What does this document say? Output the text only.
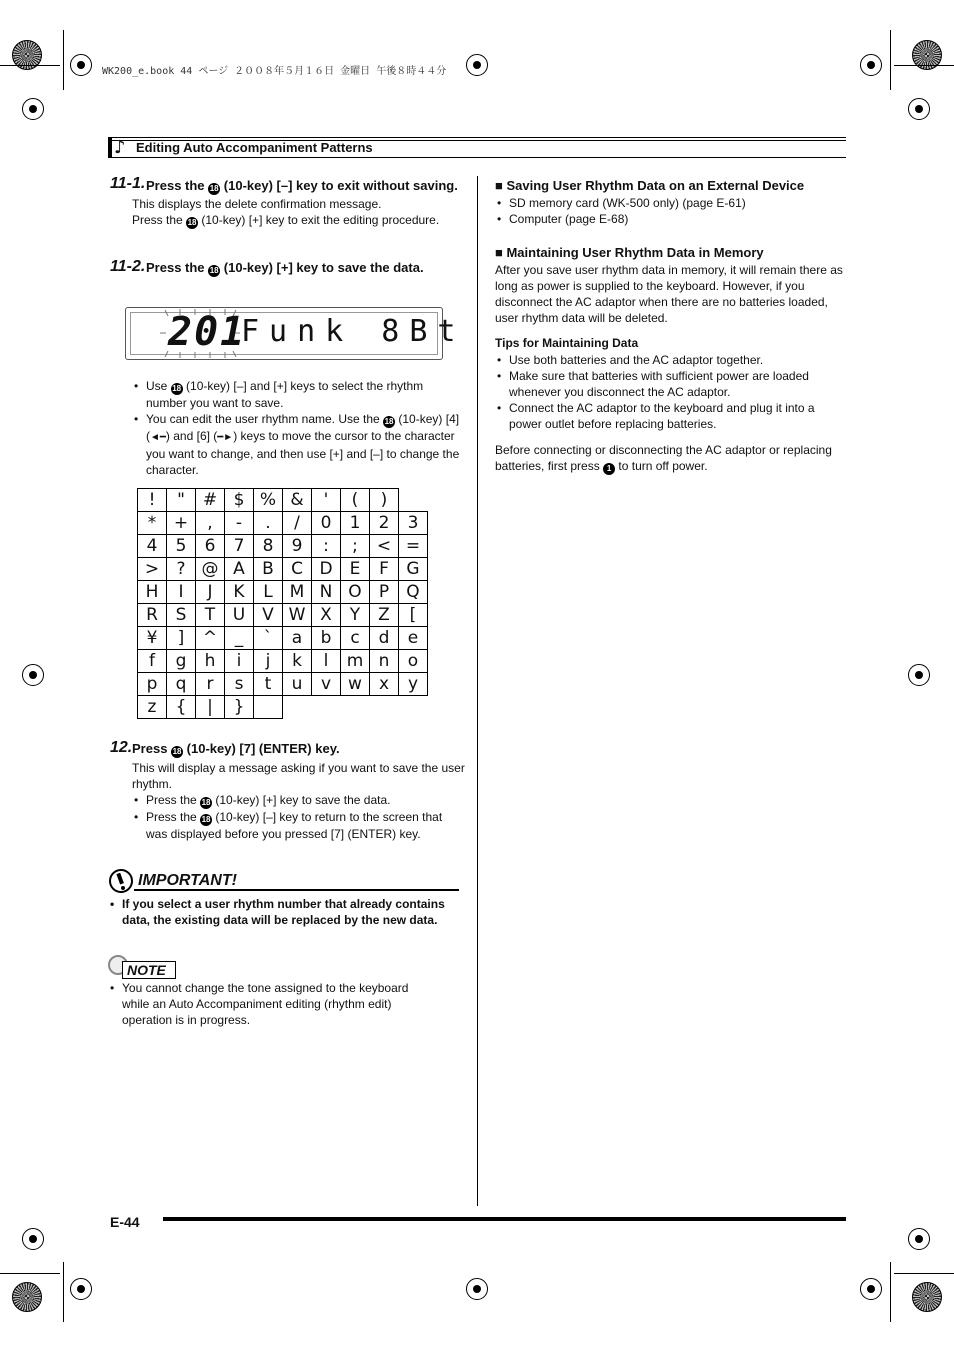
WK200_e.book 44 ページ ２００８年５月１６日 金曜日 午後８時４４分
♪ Editing Auto Accompaniment Patterns
11-1. Press the 18 (10-key) [–] key to exit without saving.
This displays the delete confirmation message.
Press the 18 (10-key) [+] key to exit the editing procedure.
11-2. Press the 18 (10-key) [+] key to save the data.
201
Funk 8Bt
• Use 18 (10-key) [–] and [+] keys to select the rhythm number you want to save.
• You can edit the user rhythm name. Use the 18 (10-key) [4] (◄━) and [6] (━►) keys to move the cursor to the character you want to change, and then use [+] and [–] to change the character.
!	"	#	$	%	&	'	(	)	
*	+	,	-	.	/	0	1	2	3
4	5	6	7	8	9	:	;	<	=
>	?	@	A	B	C	D	E	F	G
H	I	J	K	L	M	N	O	P	Q
R	S	T	U	V	W	X	Y	Z	[
¥	]	^	_	`	a	b	c	d	e
f	g	h	i	j	k	l	m	n	o
p	q	r	s	t	u	v	w	x	y
z	{	|	}						
12. Press 18 (10-key) [7] (ENTER) key.
This will display a message asking if you want to save the user rhythm.
• Press the 18 (10-key) [+] key to save the data.
• Press the 18 (10-key) [–] key to return to the screen that was displayed before you pressed [7] (ENTER) key.
IMPORTANT!
• If you select a user rhythm number that already contains data, the existing data will be replaced by the new data.
NOTE
• You cannot change the tone assigned to the keyboard while an Auto Accompaniment editing (rhythm edit) operation is in progress.
■ Saving User Rhythm Data on an External Device
• SD memory card (WK-500 only) (page E-61)
• Computer (page E-68)
■ Maintaining User Rhythm Data in Memory
After you save user rhythm data in memory, it will remain there as long as power is supplied to the keyboard. However, if you disconnect the AC adaptor when there are no batteries loaded, user rhythm data will be deleted.
Tips for Maintaining Data
• Use both batteries and the AC adaptor together.
• Make sure that batteries with sufficient power are loaded whenever you disconnect the AC adaptor.
• Connect the AC adaptor to the keyboard and plug it into a power outlet before replacing batteries.
Before connecting or disconnecting the AC adaptor or replacing batteries, first press 1 to turn off power.
E-44
